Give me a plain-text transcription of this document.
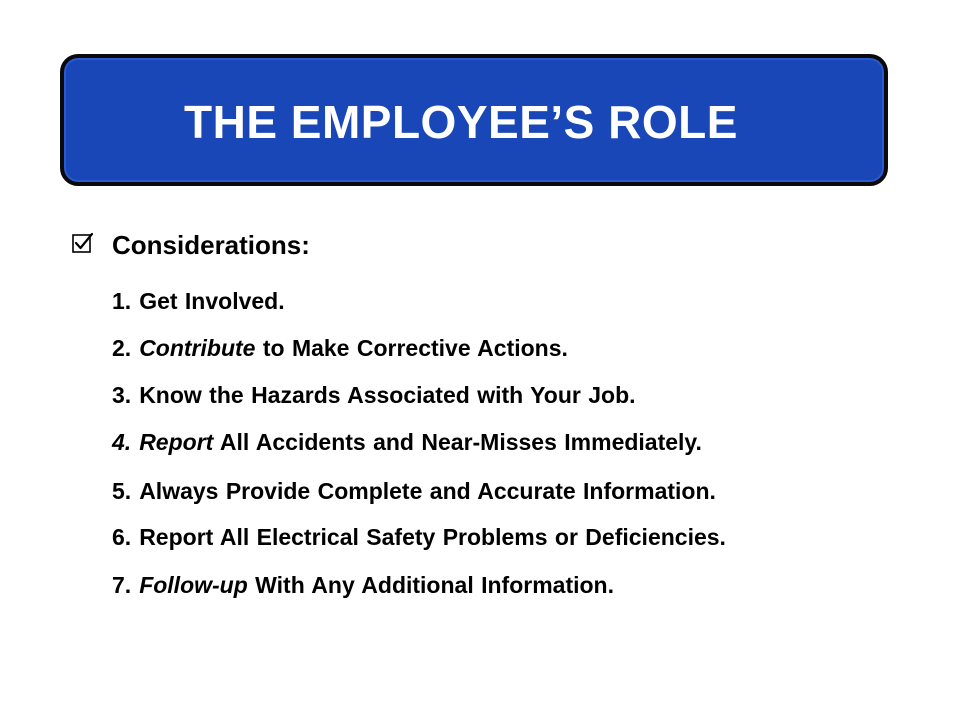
THE EMPLOYEE’S ROLE
Considerations:
1. Get Involved.
2. Contribute to Make Corrective Actions.
3. Know the Hazards Associated with Your Job.
4. Report All Accidents and Near-Misses Immediately.
5. Always Provide Complete and Accurate Information.
6. Report All Electrical Safety Problems or Deficiencies.
7. Follow-up With Any Additional Information.
